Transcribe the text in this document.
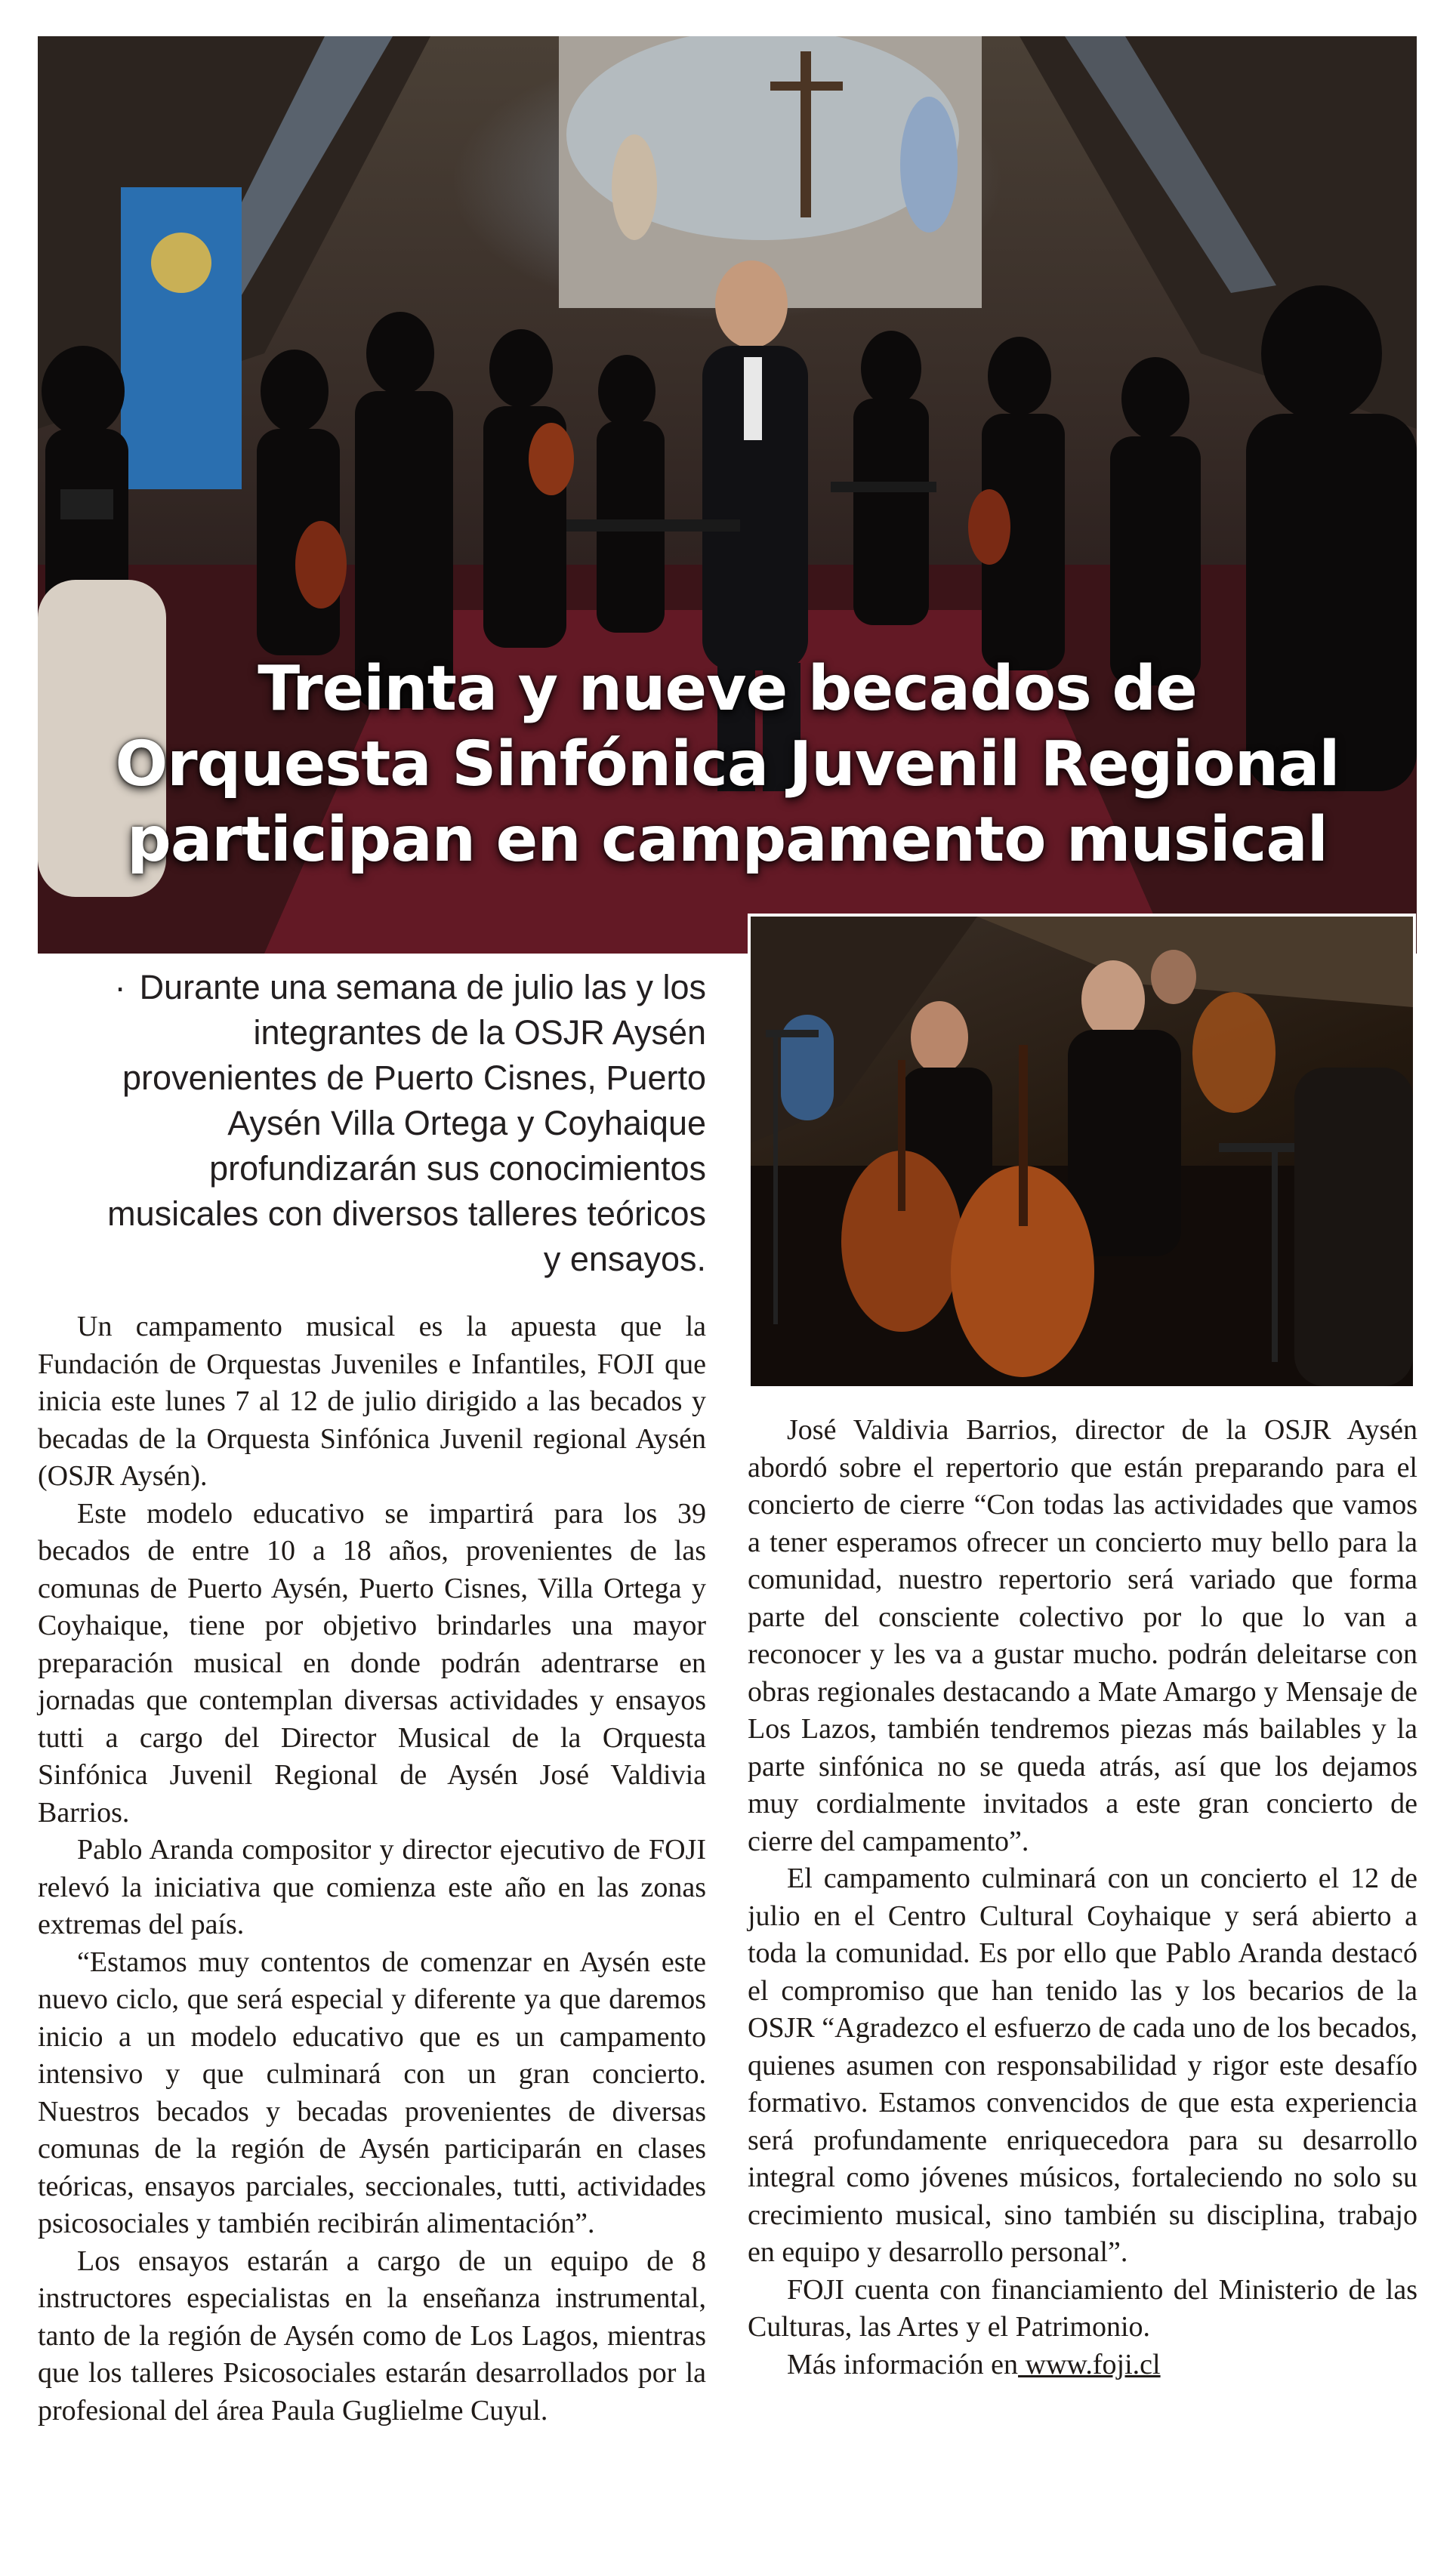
Treinta y nueve becados de
Orquesta Sinfónica Juvenil Regional
participan en campamento musical

· Durante una semana de julio las y los integrantes de la OSJR Aysén provenientes de Puerto Cisnes, Puerto Aysén Villa Ortega y Coyhaique profundizarán sus conocimientos musicales con diversos talleres teóricos y ensayos.

Un campamento musical es la apuesta que la Fundación de Orquestas Juveniles e Infantiles, FOJI que inicia este lunes 7 al 12 de julio dirigido a las becados y becadas de la Orquesta Sinfónica Juvenil regional Aysén (OSJR Aysén).

Este modelo educativo se impartirá para los 39 becados de entre 10 a 18 años, provenientes de las comunas de Puerto Aysén, Puerto Cisnes, Villa Ortega y Coyhaique, tiene por objetivo brindarles una mayor preparación musical en donde podrán adentrarse en jornadas que contemplan diversas actividades y ensayos tutti a cargo del Director Musical de la Orquesta Sinfónica Juvenil Regional de Aysén José Valdivia Barrios.

Pablo Aranda compositor y director ejecutivo de FOJI relevó la iniciativa que comienza este año en las zonas extremas del país.

“Estamos muy contentos de comenzar en Aysén este nuevo ciclo, que será especial y diferente ya que daremos inicio a un modelo educativo que es un campamento intensivo y que culminará con un gran concierto. Nuestros becados y becadas provenientes de diversas comunas de la región de Aysén participarán en clases teóricas, ensayos parciales, seccionales, tutti, actividades psicosociales y también recibirán alimentación”.

Los ensayos estarán a cargo de un equipo de 8 instructores especialistas en la enseñanza instrumental, tanto de la región de Aysén como de Los Lagos, mientras que los talleres Psicosociales estarán desarrollados por la profesional del área Paula Guglielme Cuyul.

José Valdivia Barrios, director de la OSJR Aysén abordó sobre el repertorio que están preparando para el concierto de cierre “Con todas las actividades que vamos a tener esperamos ofrecer un concierto muy bello para la comunidad, nuestro repertorio será variado que forma parte del consciente colectivo por lo que lo van a reconocer y les va a gustar mucho. podrán deleitarse con obras regionales destacando a Mate Amargo y Mensaje de Los Lazos, también tendremos piezas más bailables y la parte sinfónica no se queda atrás, así que los dejamos muy cordialmente invitados a este gran concierto de cierre del campamento”.

El campamento culminará con un concierto el 12 de julio en el Centro Cultural Coyhaique y será abierto a toda la comunidad. Es por ello que Pablo Aranda destacó el compromiso que han tenido las y los becarios de la OSJR “Agradezco el esfuerzo de cada uno de los becados, quienes asumen con responsabilidad y rigor este desafío formativo. Estamos convencidos de que esta experiencia será profundamente enriquecedora para su desarrollo integral como jóvenes músicos, fortaleciendo no solo su crecimiento musical, sino también su disciplina, trabajo en equipo y desarrollo personal”.

FOJI cuenta con financiamiento del Ministerio de las Culturas, las Artes y el Patrimonio.

Más información en www.foji.cl
